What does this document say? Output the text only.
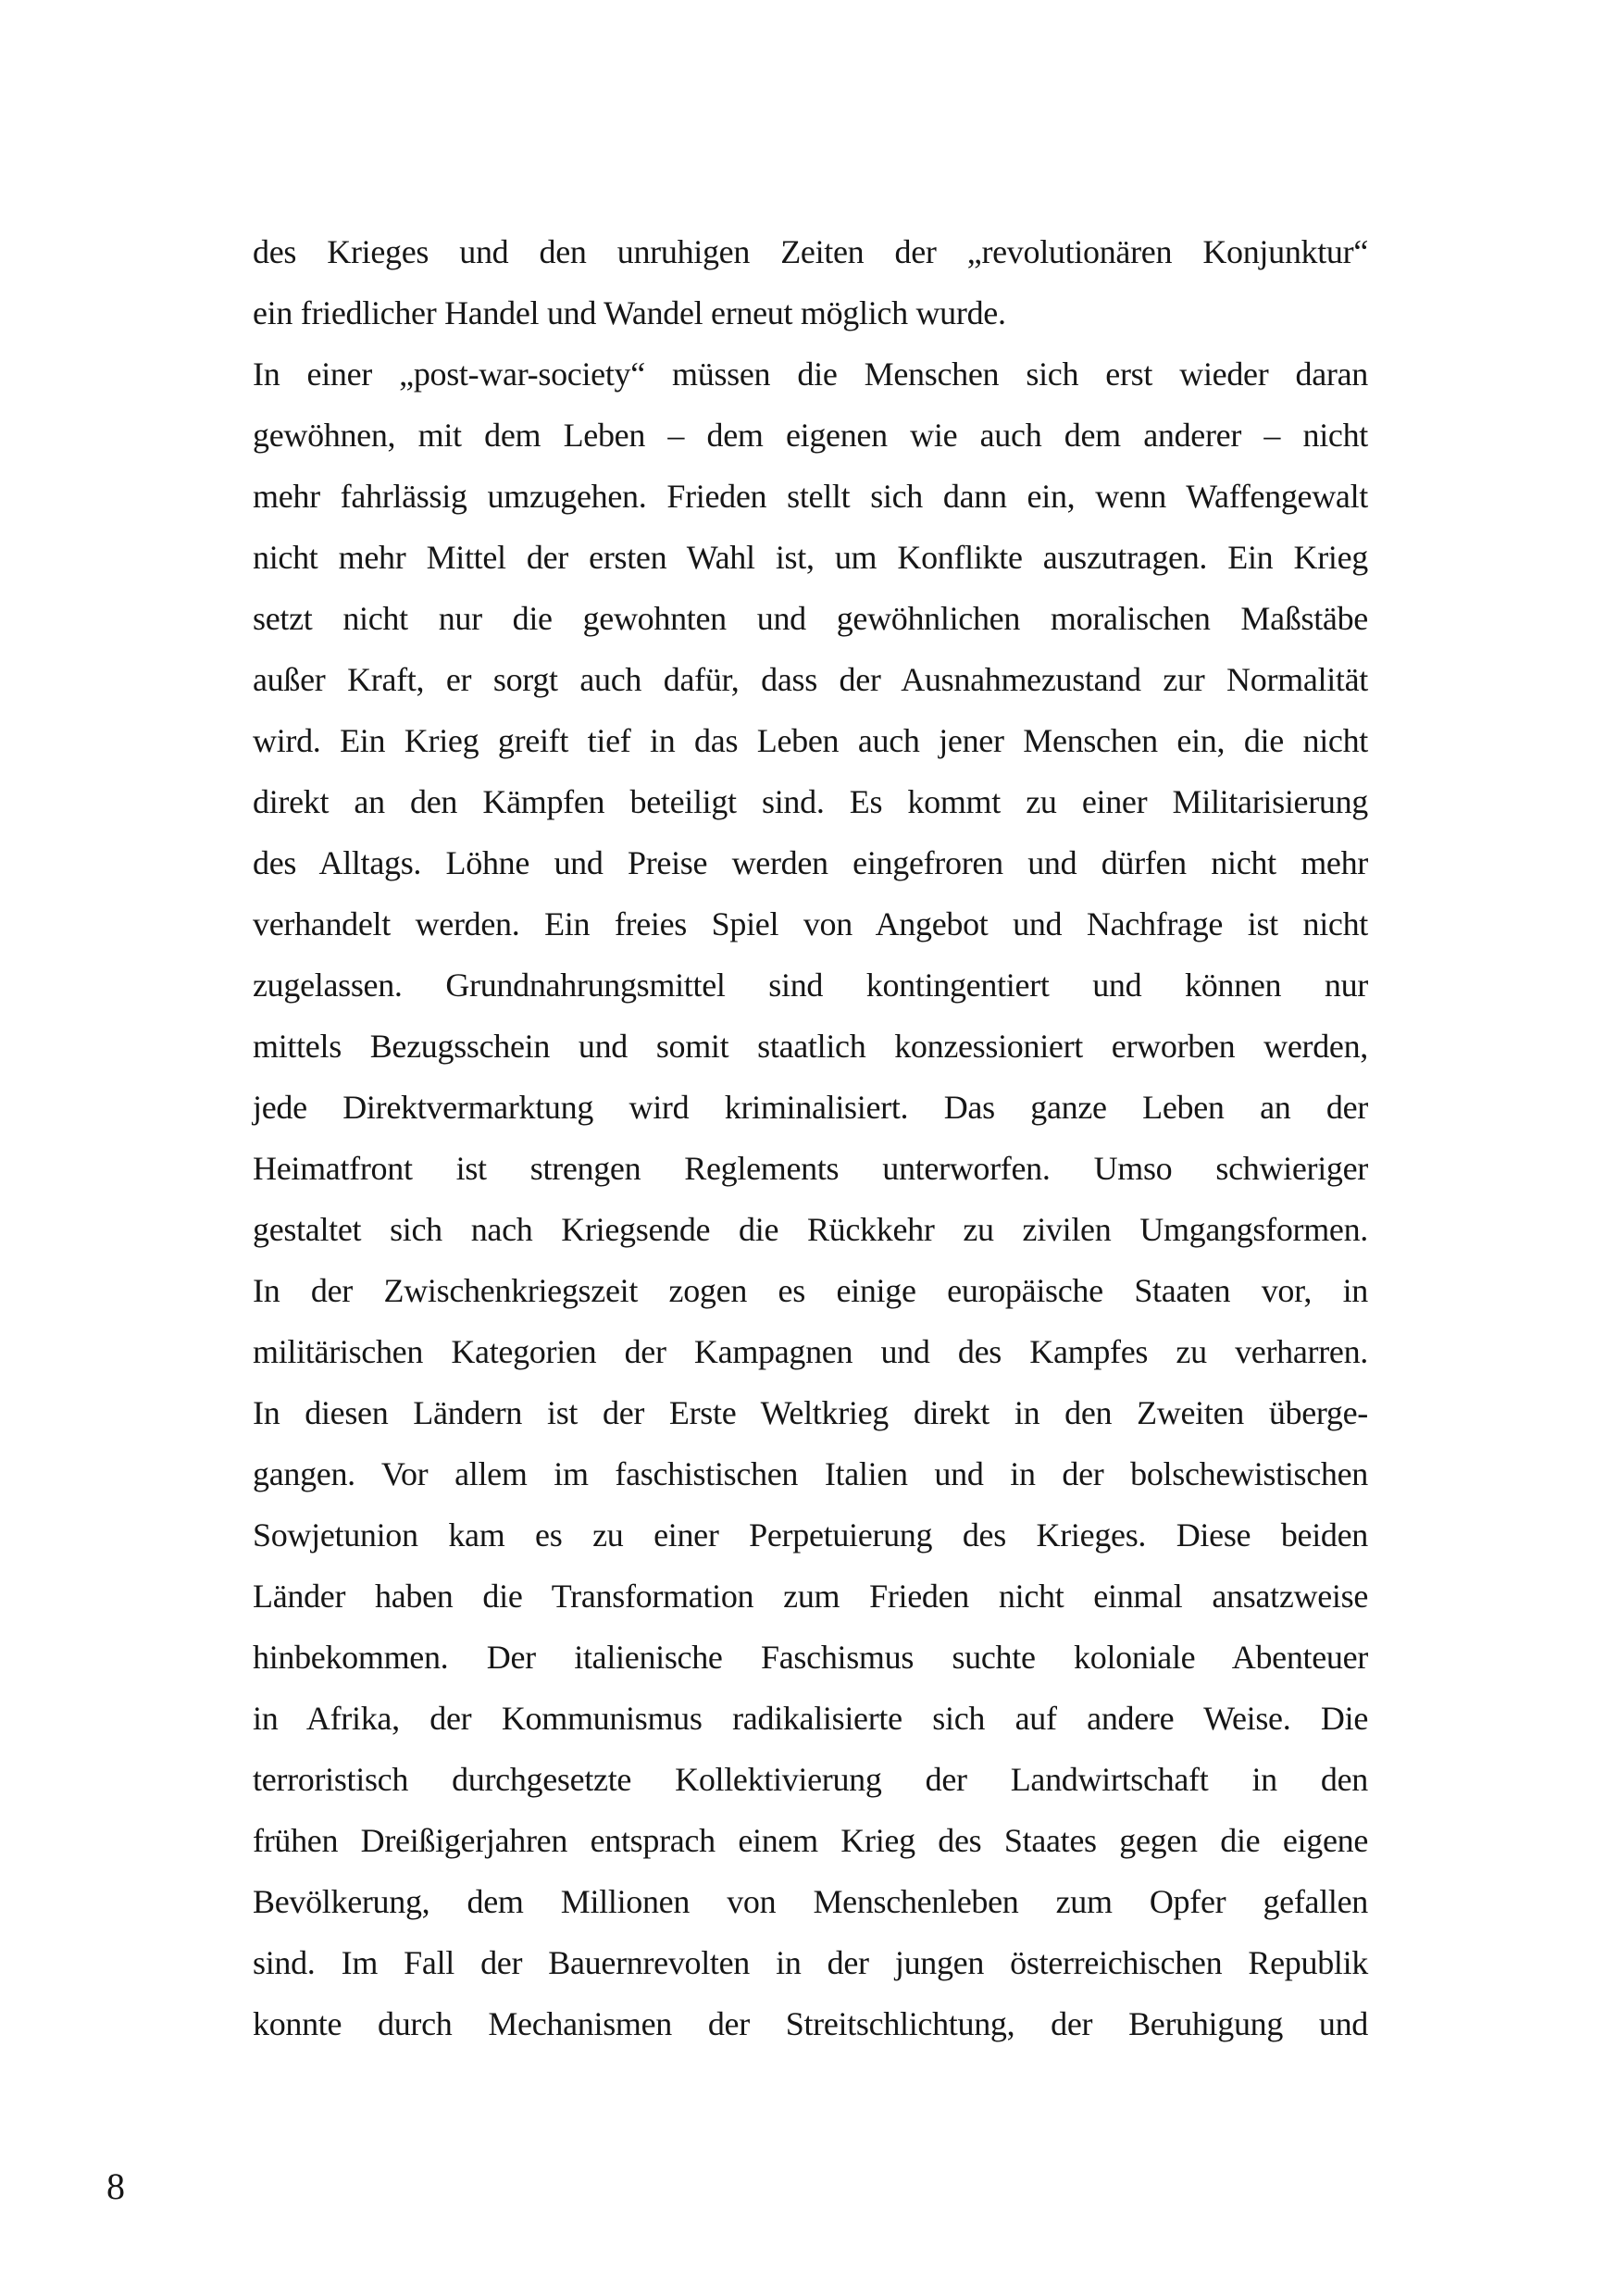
des Krieges und den unruhigen Zeiten der „revolutionären Konjunktur“
ein friedlicher Handel und Wandel erneut möglich wurde.
In einer „post-war-society“ müssen die Menschen sich erst wieder daran
gewöhnen, mit dem Leben – dem eigenen wie auch dem anderer – nicht
mehr fahrlässig umzugehen. Frieden stellt sich dann ein, wenn Waffengewalt
nicht mehr Mittel der ersten Wahl ist, um Konflikte auszutragen. Ein Krieg
setzt nicht nur die gewohnten und gewöhnlichen moralischen Maßstäbe
außer Kraft, er sorgt auch dafür, dass der Ausnahmezustand zur Normalität
wird. Ein Krieg greift tief in das Leben auch jener Menschen ein, die nicht
direkt an den Kämpfen beteiligt sind. Es kommt zu einer Militarisierung
des Alltags. Löhne und Preise werden eingefroren und dürfen nicht mehr
verhandelt werden. Ein freies Spiel von Angebot und Nachfrage ist nicht
zugelassen. Grundnahrungsmittel sind kontingentiert und können nur
mittels Bezugsschein und somit staatlich konzessioniert erworben werden,
jede Direktvermarktung wird kriminalisiert. Das ganze Leben an der
Heimatfront ist strengen Reglements unterworfen. Umso schwieriger
gestaltet sich nach Kriegsende die Rückkehr zu zivilen Umgangsformen.
In der Zwischenkriegszeit zogen es einige europäische Staaten vor, in
militärischen Kategorien der Kampagnen und des Kampfes zu verharren.
In diesen Ländern ist der Erste Weltkrieg direkt in den Zweiten überge-
gangen. Vor allem im faschistischen Italien und in der bolschewistischen
Sowjetunion kam es zu einer Perpetuierung des Krieges. Diese beiden
Länder haben die Transformation zum Frieden nicht einmal ansatzweise
hinbekommen. Der italienische Faschismus suchte koloniale Abenteuer
in Afrika, der Kommunismus radikalisierte sich auf andere Weise. Die
terroristisch durchgesetzte Kollektivierung der Landwirtschaft in den
frühen Dreißigerjahren entsprach einem Krieg des Staates gegen die eigene
Bevölkerung, dem Millionen von Menschenleben zum Opfer gefallen
sind. Im Fall der Bauernrevolten in der jungen österreichischen Republik
konnte durch Mechanismen der Streitschlichtung, der Beruhigung und
8
